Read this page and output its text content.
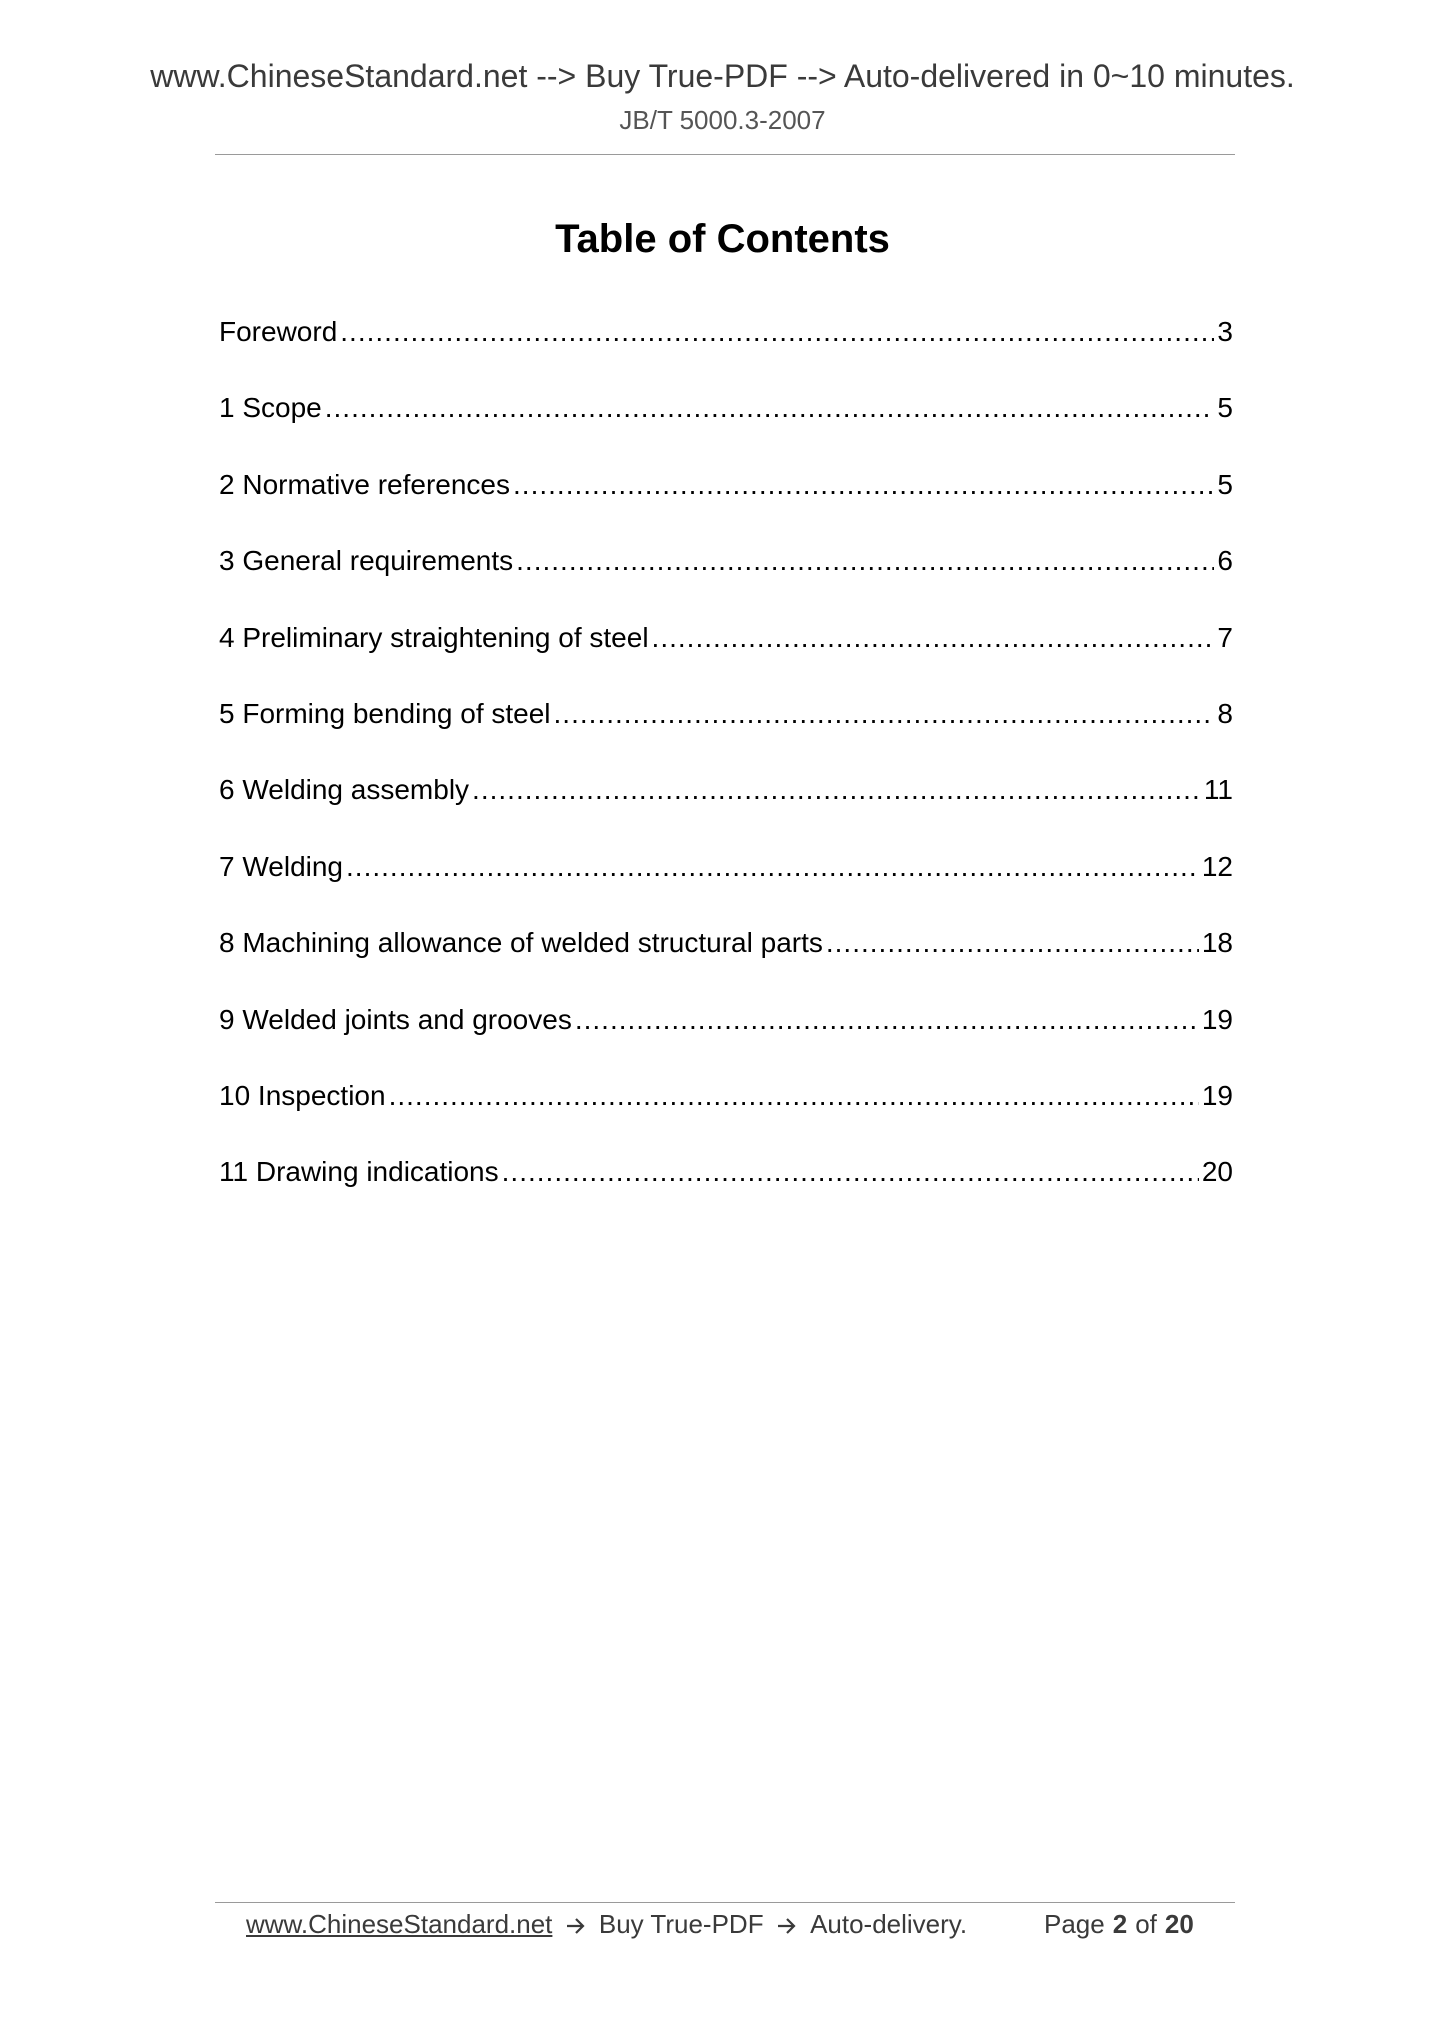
www.ChineseStandard.net --> Buy True-PDF --> Auto-delivered in 0~10 minutes.
JB/T 5000.3-2007
Table of Contents
Foreword .....	3
1 Scope .....	5
2 Normative references .....	5
3 General requirements .....	6
4 Preliminary straightening of steel .....	7
5 Forming bending of steel .....	8
6 Welding assembly .....	11
7 Welding .....	12
8 Machining allowance of welded structural parts .....	18
9 Welded joints and grooves .....	19
10 Inspection .....	19
11 Drawing indications .....	20
www.ChineseStandard.net Buy True-PDF Auto-delivery.	Page 2 of 20
